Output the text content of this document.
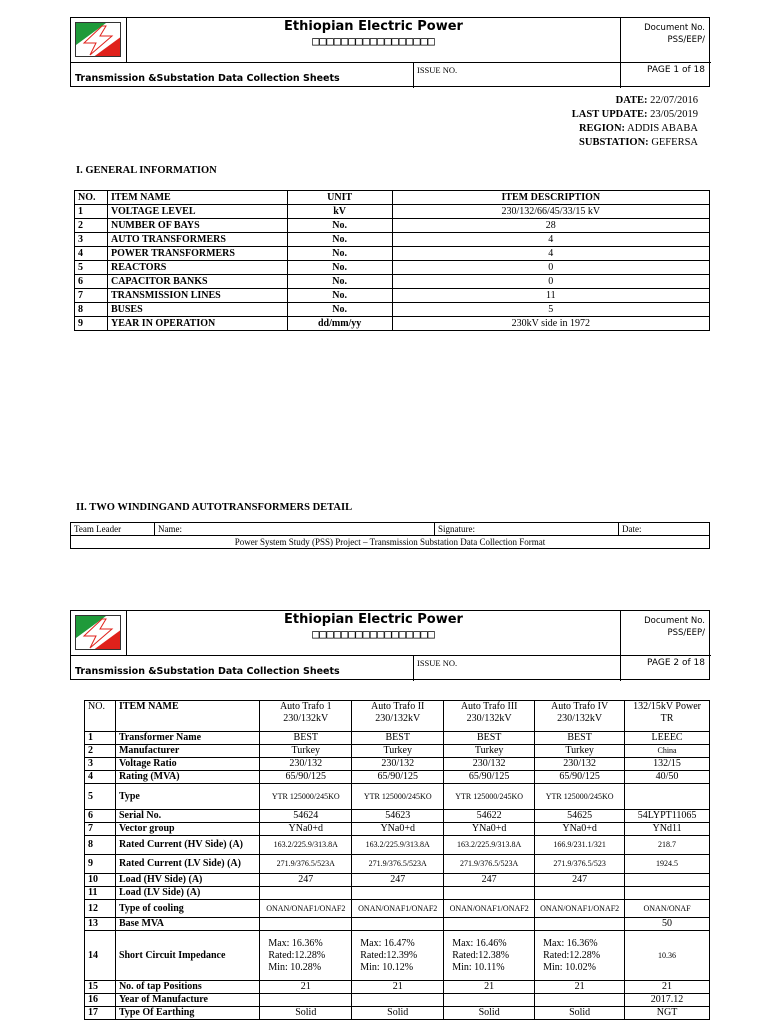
Ethiopian Electric Power
□□□□□□□□□□□□□□□□□
Document No.
PSS/EEP/
Transmission &Substation Data Collection Sheets
ISSUE NO.	PAGE 1 of 18
DATE: 22/07/2016
LAST UPDATE: 23/05/2019
REGION: ADDIS ABABA
SUBSTATION: GEFERSA
I. GENERAL INFORMATION
NO.	ITEM NAME	UNIT	ITEM DESCRIPTION
1	VOLTAGE LEVEL	kV	230/132/66/45/33/15 kV
2	NUMBER OF BAYS	No.	28
3	AUTO TRANSFORMERS	No.	4
4	POWER TRANSFORMERS	No.	4
5	REACTORS	No.	0
6	CAPACITOR BANKS	No.	0
7	TRANSMISSION LINES	No.	11
8	BUSES	No.	5
9	YEAR IN OPERATION	dd/mm/yy	230kV side in 1972
II. TWO WINDINGAND AUTOTRANSFORMERS DETAIL
Team Leader	Name:	Signature:	Date:
Power System Study (PSS) Project – Transmission Substation Data Collection Format
Ethiopian Electric Power
□□□□□□□□□□□□□□□□□
Document No.
PSS/EEP/
Transmission &Substation Data Collection Sheets
ISSUE NO.	PAGE 2 of 18
NO.	ITEM NAME	Auto Trafo 1 230/132kV	Auto Trafo II 230/132kV	Auto Trafo III 230/132kV	Auto Trafo IV 230/132kV	132/15kV Power TR
1	Transformer Name	BEST	BEST	BEST	BEST	LEEEC
2	Manufacturer	Turkey	Turkey	Turkey	Turkey	China
3	Voltage Ratio	230/132	230/132	230/132	230/132	132/15
4	Rating (MVA)	65/90/125	65/90/125	65/90/125	65/90/125	40/50
5	Type	YTR 125000/245KO	YTR 125000/245KO	YTR 125000/245KO	YTR 125000/245KO	
6	Serial No.	54624	54623	54622	54625	54LYPT11065
7	Vector group	YNa0+d	YNa0+d	YNa0+d	YNa0+d	YNd11
8	Rated Current (HV Side) (A)	163.2/225.9/313.8A	163.2/225.9/313.8A	163.2/225.9/313.8A	166.9/231.1/321	218.7
9	Rated Current (LV Side) (A)	271.9/376.5/523A	271.9/376.5/523A	271.9/376.5/523A	271.9/376.5/523	1924.5
10	Load (HV Side) (A)	247	247	247	247	
11	Load (LV Side) (A)					
12	Type of cooling	ONAN/ONAF1/ONAF2	ONAN/ONAF1/ONAF2	ONAN/ONAF1/ONAF2	ONAN/ONAF1/ONAF2	ONAN/ONAF
13	Base MVA					50
14	Short Circuit Impedance	Max: 16.36%
Rated:12.28%
Min: 10.28%	Max: 16.47%
Rated:12.39%
Min: 10.12%	Max: 16.46%
Rated:12.38%
Min: 10.11%	Max: 16.36%
Rated:12.28%
Min: 10.02%	10.36
15	No. of tap Positions	21	21	21	21	21
16	Year of Manufacture					2017.12
17	Type Of Earthing	Solid	Solid	Solid	Solid	NGT
